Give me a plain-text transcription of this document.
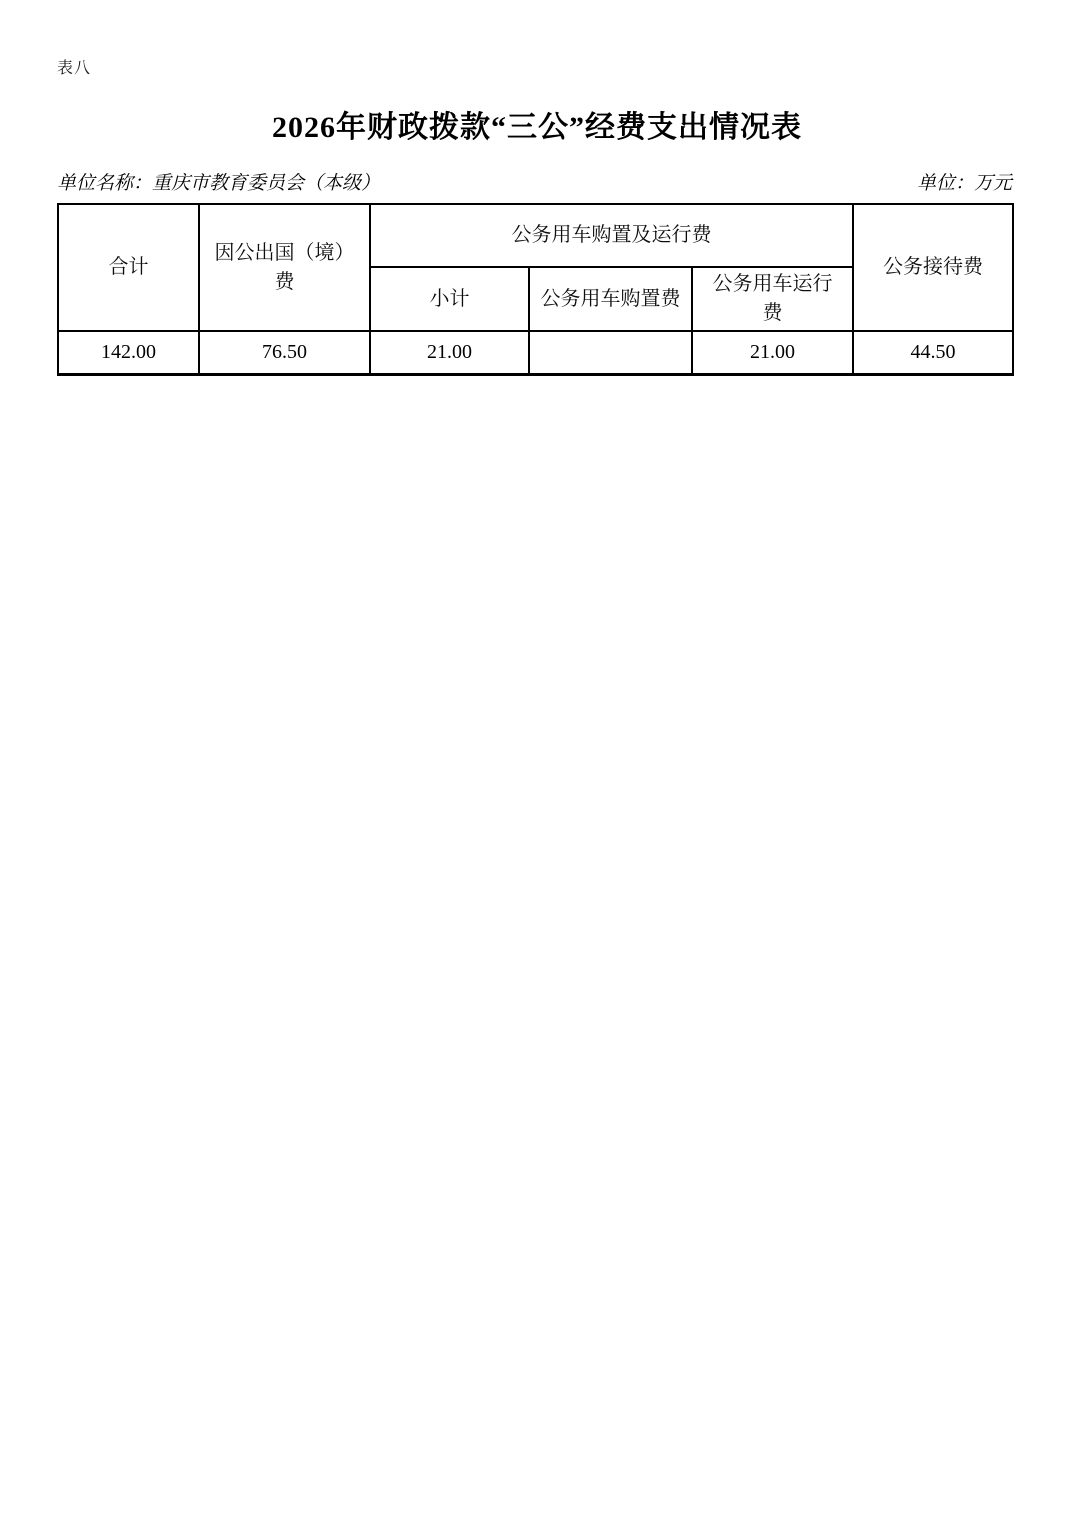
表八
2026年财政拨款“三公”经费支出情况表
单位名称：重庆市教育委员会（本级）	单位：万元
合计	因公出国（境）费	公务用车购置及运行费			公务接待费
		小计	公务用车购置费	公务用车运行费	
142.00	76.50	21.00		21.00	44.50
